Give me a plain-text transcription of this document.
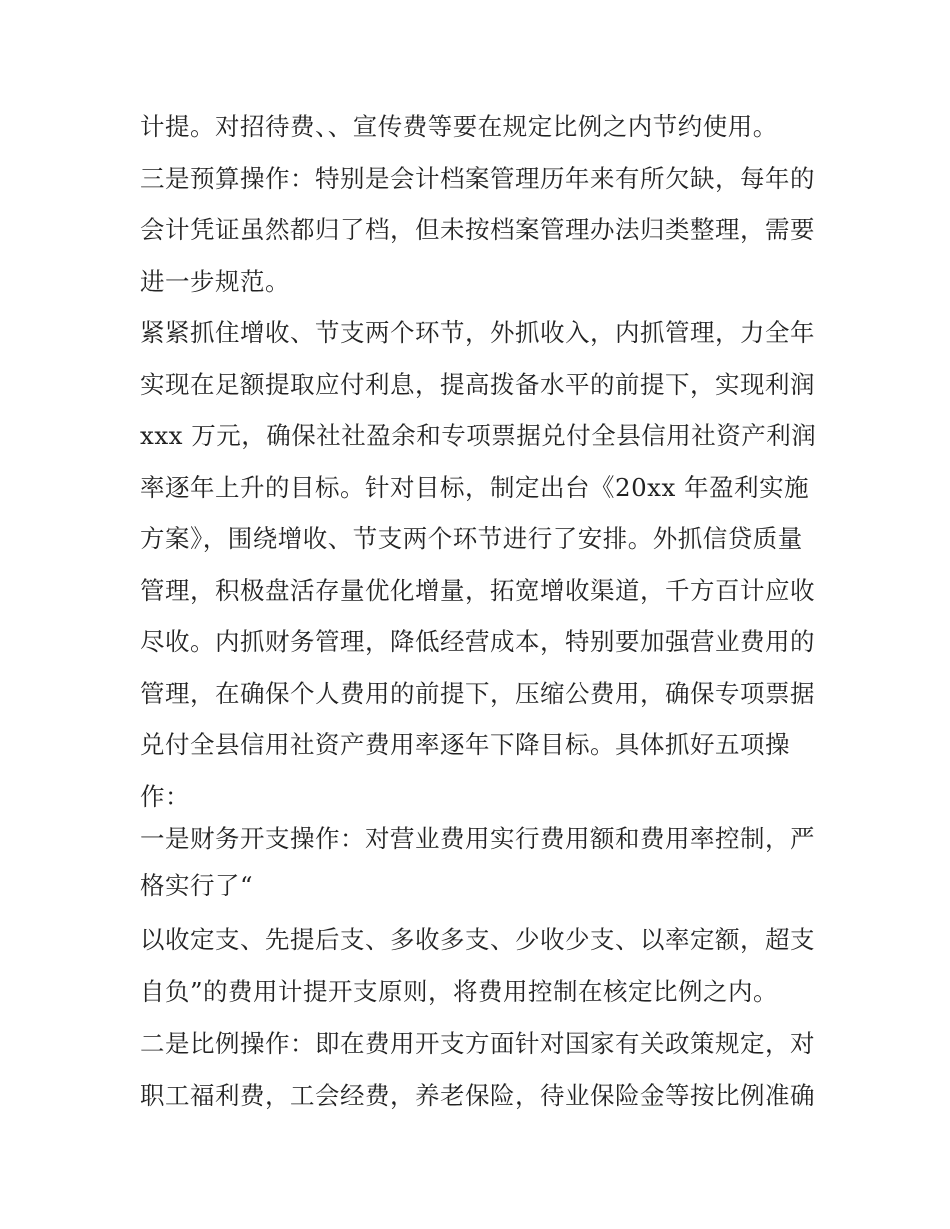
计提。对招待费、、宣传费等要在规定比例之内节约使用。
三是预算操作：特别是会计档案管理历年来有所欠缺，每年的
会计凭证虽然都归了档，但未按档案管理办法归类整理，需要
进一步规范。
紧紧抓住增收、节支两个环节，外抓收入，内抓管理，力全年
实现在足额提取应付利息，提高拨备水平的前提下，实现利润
xxx 万元，确保社社盈余和专项票据兑付全县信用社资产利润
率逐年上升的目标。针对目标，制定出台《20xx 年盈利实施
方案》，围绕增收、节支两个环节进行了安排。外抓信贷质量
管理，积极盘活存量优化增量，拓宽增收渠道，千方百计应收
尽收。内抓财务管理，降低经营成本，特别要加强营业费用的
管理，在确保个人费用的前提下，压缩公费用，确保专项票据
兑付全县信用社资产费用率逐年下降目标。具体抓好五项操
作：
一是财务开支操作：对营业费用实行费用额和费用率控制，严
格实行了“
以收定支、先提后支、多收多支、少收少支、以率定额，超支
自负”的费用计提开支原则，将费用控制在核定比例之内。
二是比例操作：即在费用开支方面针对国家有关政策规定，对
职工福利费，工会经费，养老保险，待业保险金等按比例准确
